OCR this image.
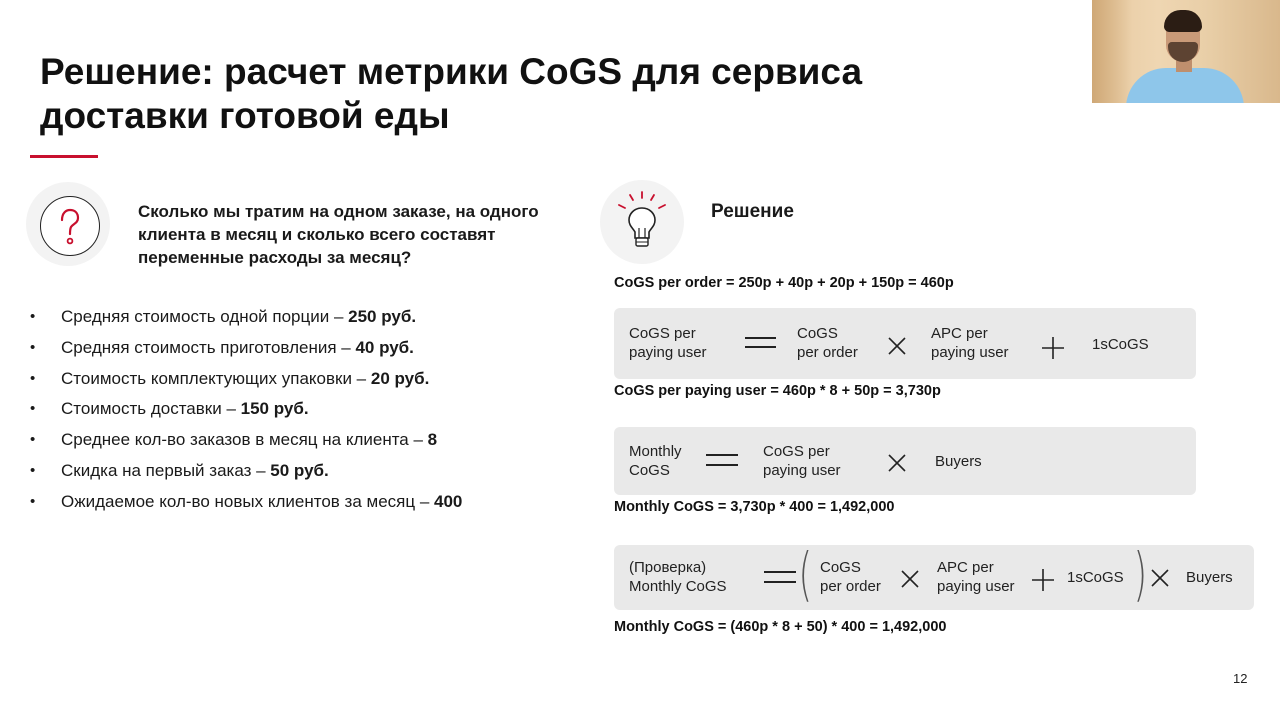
Решение: расчет метрики CoGS для сервиса доставки готовой еды
Сколько мы тратим на одном заказе, на одного клиента в месяц и сколько всего составят переменные расходы за месяц?
• Средняя стоимость одной порции – 250 руб.
• Средняя стоимость приготовления – 40 руб.
• Стоимость комплектующих упаковки – 20 руб.
• Стоимость доставки – 150 руб.
• Среднее кол-во заказов в месяц на клиента – 8
• Скидка на первый заказ – 50 руб.
• Ожидаемое кол-во новых клиентов за месяц – 400
Решение
CoGS per order = 250р + 40р + 20р + 150р = 460р
CoGS per
paying user
CoGS
per order
APC per
paying user	1sCoGS
CoGS per paying user = 460р * 8 + 50р = 3,730р
Monthly
CoGS
CoGS per
paying user
Buyers
Monthly CoGS = 3,730р * 400 = 1,492,000
(Проверка)
Monthly CoGS ( CoGS
per order
APC per
paying user
1sCoGS )	Buyers
Monthly CoGS = (460р * 8 + 50) * 400 = 1,492,000
12
